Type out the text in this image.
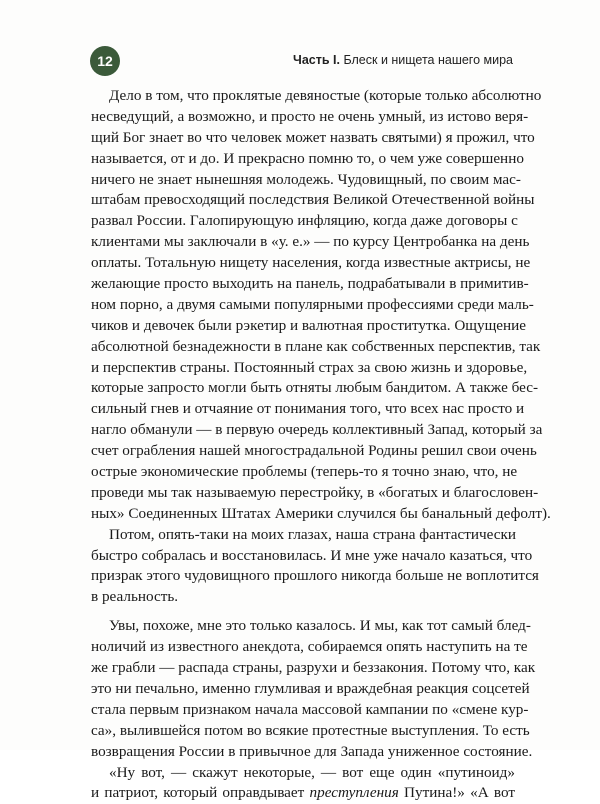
12	Часть I. Блеск и нищета нашего мира
Дело в том, что проклятые девяностые (которые только абсолютно
несведущий, а возможно, и просто не очень умный, из истово веря-
щий Бог знает во что человек может назвать святыми) я прожил, что
называется, от и до. И прекрасно помню то, о чем уже совершенно
ничего не знает нынешняя молодежь. Чудовищный, по своим мас-
штабам превосходящий последствия Великой Отечественной войны
развал России. Галопирующую инфляцию, когда даже договоры с
клиентами мы заключали в «у. е.» — по курсу Центробанка на день
оплаты. Тотальную нищету населения, когда известные актрисы, не
желающие просто выходить на панель, подрабатывали в примитив-
ном порно, а двумя самыми популярными профессиями среди маль-
чиков и девочек были рэкетир и валютная проституткa. Ощущение
абсолютной безнадежности в плане как собственных перспектив, так
и перспектив страны. Постоянный страх за свою жизнь и здоровье,
которые запросто могли быть отняты любым бандитом. А также бес-
сильный гнев и отчаяние от понимания того, что всех нас просто и
нагло обманули — в первую очередь коллективный Запад, который за
счет ограбления нашей многострадальной Родины решил свои очень
острые экономические проблемы (теперь-то я точно знаю, что, не
проведи мы так называемую перестройку, в «богатых и благословен-
ных» Соединенных Штатах Америки случился бы банальный дефолт).
Потом, опять-таки на моих глазах, наша страна фантастически
быстро собралась и восстановилась. И мне уже начало казаться, что
призрак этого чудовищного прошлого никогда больше не воплотится
в реальность.
Увы, похоже, мне это только казалось. И мы, как тот самый блед-
ноличий из известного анекдота, собираемся опять наступить на те
же грабли — распада страны, разрухи и беззакония. Потому что, как
это ни печально, именно глумливая и враждебная реакция соцсетей
стала первым признаком начала массовой кампании по «смене кур-
са», вылившейся потом во всякие протестные выступления. То есть
возвращения России в привычное для Запада униженное состояние.
«Ну вот, — скажут некоторые, — вот еще один «путиноид»
и патриот, который оправдывает преступления Путина!» «А вот
